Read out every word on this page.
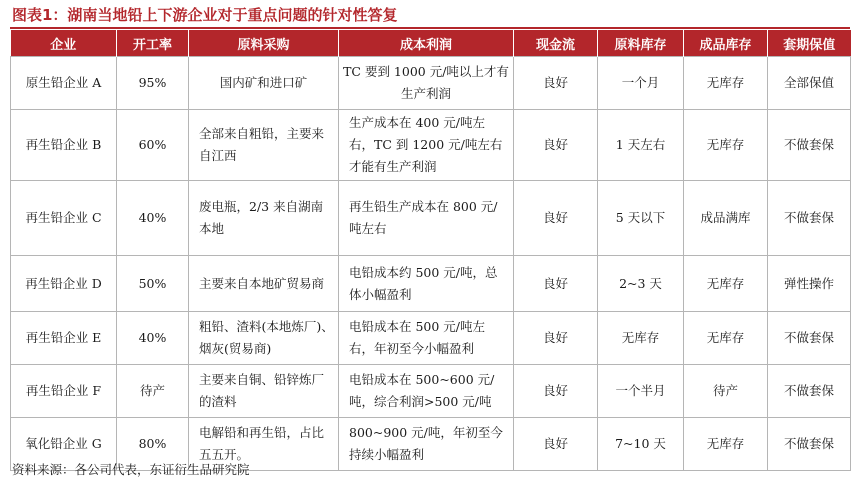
图表1：湖南当地铅上下游企业对于重点问题的针对性答复
企业	开工率	原料采购	成本利润	现金流	原料库存	成品库存	套期保值
原生铅企业 A	95%	国内矿和进口矿	TC 要到 1000 元/吨以上才有生产利润	良好	一个月	无库存	全部保值
再生铅企业 B	60%	全部来自粗铅，主要来自江西	生产成本在 400 元/吨左右，TC 到 1200 元/吨左右才能有生产利润	良好	1 天左右	无库存	不做套保
再生铅企业 C	40%	废电瓶，2/3 来自湖南本地	再生铅生产成本在 800 元/吨左右	良好	5 天以下	成品满库	不做套保
再生铅企业 D	50%	主要来自本地矿贸易商	电铅成本约 500 元/吨，总体小幅盈利	良好	2~3 天	无库存	弹性操作
再生铅企业 E	40%	粗铅、渣料(本地炼厂)、烟灰(贸易商)	电铅成本在 500 元/吨左右，年初至今小幅盈利	良好	无库存	无库存	不做套保
再生铅企业 F	待产	主要来自铜、铅锌炼厂的渣料	电铅成本在 500~600 元/吨，综合利润>500 元/吨	良好	一个半月	待产	不做套保
氧化铅企业 G	80%	电解铅和再生铅，占比五五开。	800~900 元/吨，年初至今持续小幅盈利	良好	7~10 天	无库存	不做套保
资料来源：各公司代表，东证衍生品研究院
